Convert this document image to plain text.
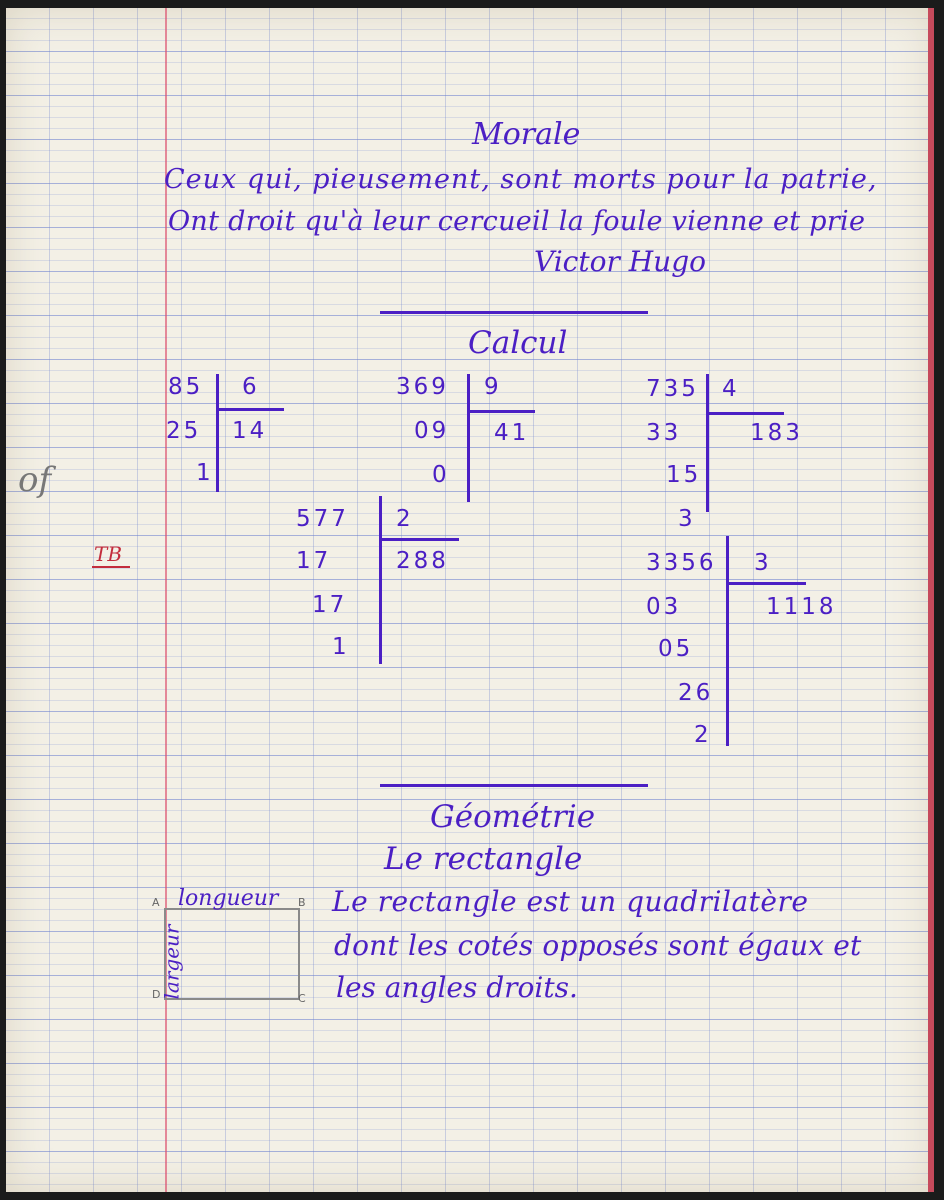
Morale
Ceux qui, pieusement, sont morts pour la patrie,
Ont droit qu'à leur cercueil la foule vienne et prie
Victor Hugo
Calcul
85 6
25
1
14
369 9
09
0
41
735 4
33
15
3
183
577 2
17
17
1
288	3356 3
03
05
26
2
1118
Géométrie
Le rectangle
Le rectangle est un quadrilatère
dont les cotés opposés sont égaux et
les angles droits.
longueur
largeur
A	B
C
D
of
TB
